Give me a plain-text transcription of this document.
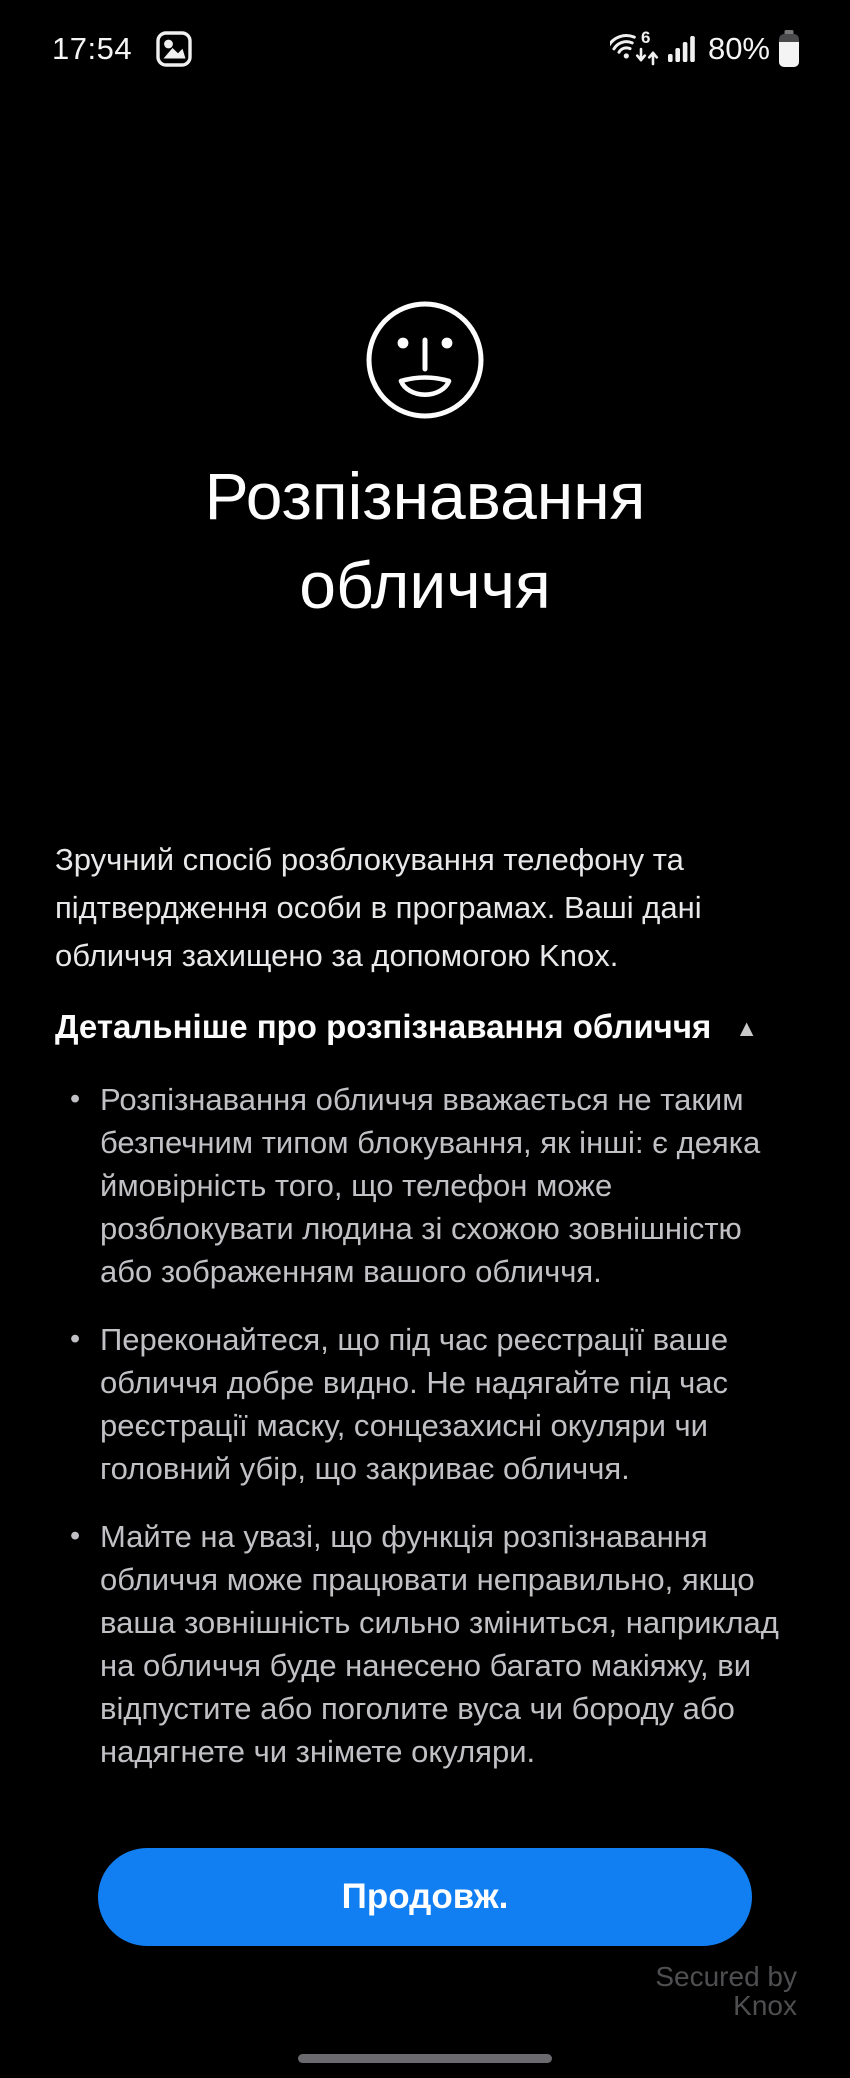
17:54	6 80%
Розпізнавання обличчя

Зручний спосіб розблокування телефону та підтвердження особи в програмах. Ваші дані обличчя захищено за допомогою Knox.

Детальніше про розпізнавання обличчя ▲
• Розпізнавання обличчя вважається не таким безпечним типом блокування, як інші: є деяка ймовірність того, що телефон може розблокувати людина зі схожою зовнішністю або зображенням вашого обличчя.
• Переконайтеся, що під час реєстрації ваше обличчя добре видно. Не надягайте під час реєстрації маску, сонцезахисні окуляри чи головний убір, що закриває обличчя.
• Майте на увазі, що функція розпізнавання обличчя може працювати неправильно, якщо ваша зовнішність сильно зміниться, наприклад на обличчя буде нанесено багато макіяжу, ви відпустите або поголите вуса чи бороду або надягнете чи знімете окуляри.
Продовж.
Secured by
Knox
